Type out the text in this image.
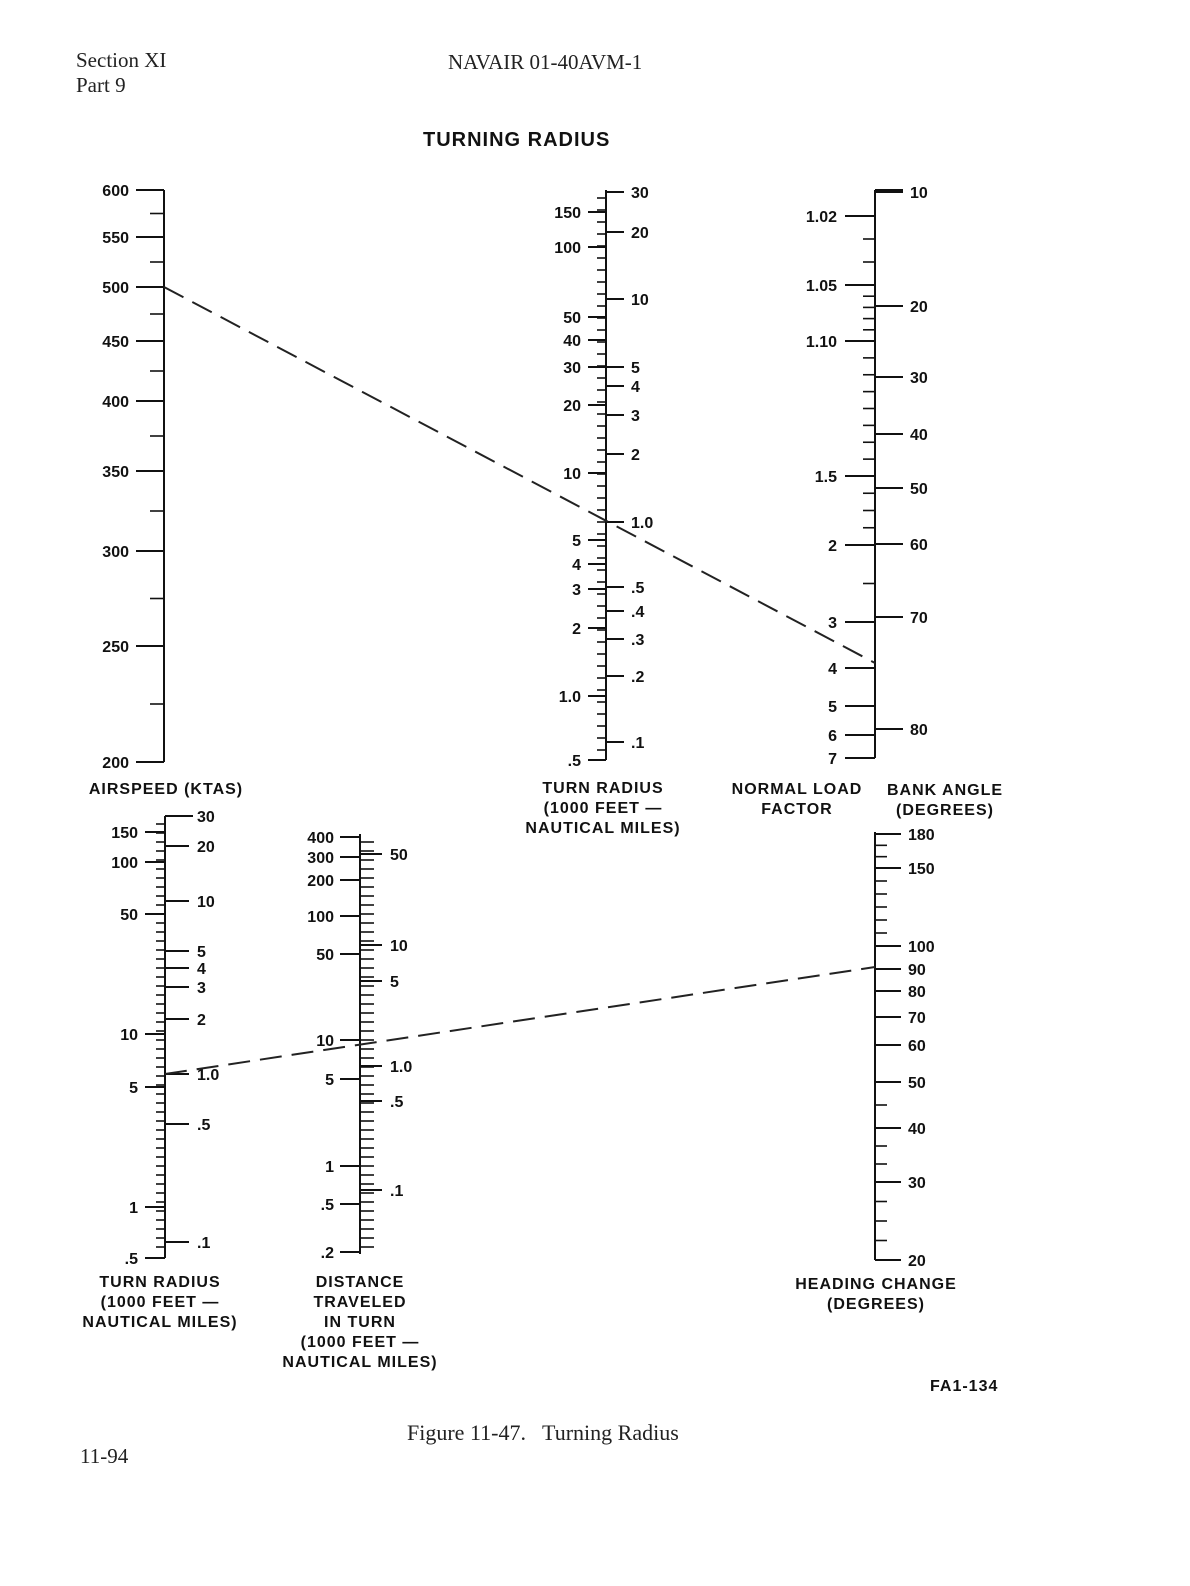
Section XI
Part 9
NAVAIR 01-40AVM-1
TURNING RADIUS
600
550
500
450
400
350
300
250
200
150
100
50
40
30
20
10
5
4
3
2
1.0
.5
30
20
10
5
4
3
2
1.0
.5
.4
.3
.2
.1
1.02
1.05
1.10
1.5
2
3
4
5
6
7
10
20
30
40
50
60
70
80
150
100
50
10
5
1
.5
30
20
10
5
4
3
2
1.0
.5
.1
400
300
200
100
50
10
5
1
.5
.2
50
10
5
1.0
.5
.1
180
150
100
90
80
70
60
50
40
30
20
AIRSPEED (KTAS)	TURN RADIUS
(1000 FEET —
NAUTICAL MILES)
NORMAL LOAD
FACTOR
BANK ANGLE
(DEGREES)
TURN RADIUS
(1000 FEET —
NAUTICAL MILES)
DISTANCE
TRAVELED
IN TURN
(1000 FEET —
NAUTICAL MILES)
HEADING CHANGE
(DEGREES)
FA1-134
Figure 11-47.   Turning Radius
11-94
